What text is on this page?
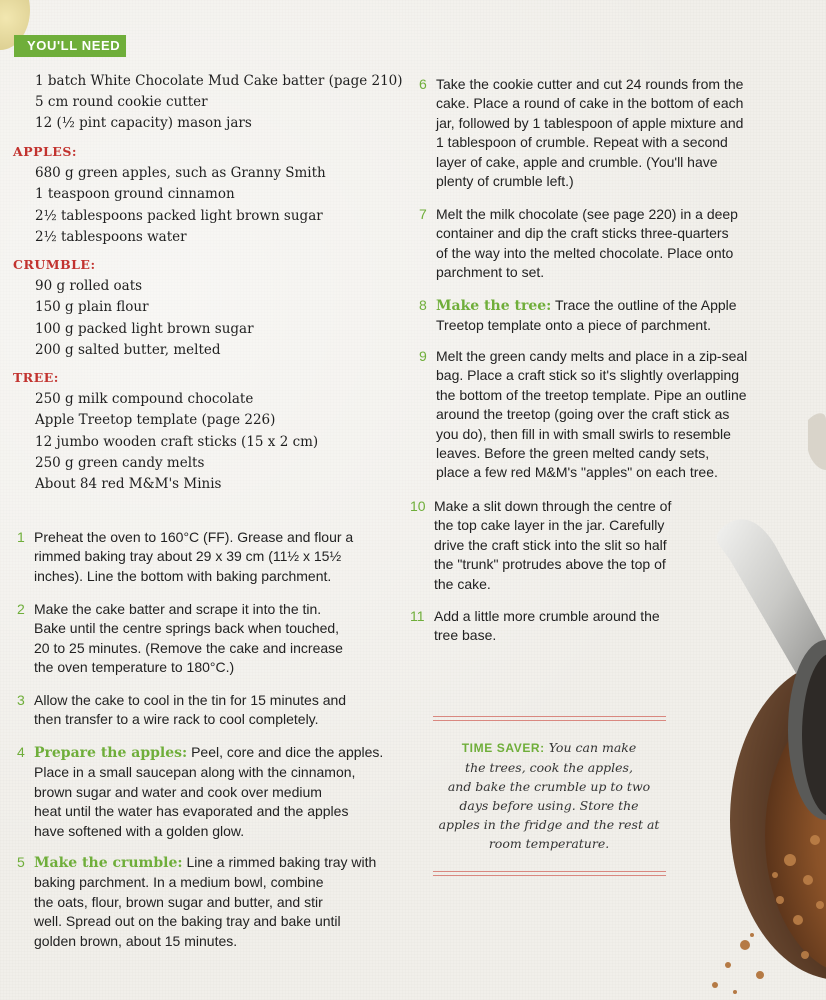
YOU'LL NEED
1 batch White Chocolate Mud Cake batter (page 210)
5 cm round cookie cutter
12 (½ pint capacity) mason jars
APPLES:
680 g green apples, such as Granny Smith
1 teaspoon ground cinnamon
2½ tablespoons packed light brown sugar
2½ tablespoons water
CRUMBLE:
90 g rolled oats
150 g plain flour
100 g packed light brown sugar
200 g salted butter, melted
TREE:
250 g milk compound chocolate
Apple Treetop template (page 226)
12 jumbo wooden craft sticks (15 x 2 cm)
250 g green candy melts
About 84 red M&M's Minis
1 Preheat the oven to 160°C (FF). Grease and flour a
rimmed baking tray about 29 x 39 cm (11½ x 15½
inches). Line the bottom with baking parchment.
2 Make the cake batter and scrape it into the tin.
Bake until the centre springs back when touched,
20 to 25 minutes. (Remove the cake and increase
the oven temperature to 180°C.)
3 Allow the cake to cool in the tin for 15 minutes and
then transfer to a wire rack to cool completely.
4 Prepare the apples: Peel, core and dice the apples.
Place in a small saucepan along with the cinnamon,
brown sugar and water and cook over medium
heat until the water has evaporated and the apples
have softened with a golden glow.
5 Make the crumble: Line a rimmed baking tray with
baking parchment. In a medium bowl, combine
the oats, flour, brown sugar and butter, and stir
well. Spread out on the baking tray and bake until
golden brown, about 15 minutes.
6 Take the cookie cutter and cut 24 rounds from the
cake. Place a round of cake in the bottom of each
jar, followed by 1 tablespoon of apple mixture and
1 tablespoon of crumble. Repeat with a second
layer of cake, apple and crumble. (You'll have
plenty of crumble left.)
7 Melt the milk chocolate (see page 220) in a deep
container and dip the craft sticks three-quarters
of the way into the melted chocolate. Place onto
parchment to set.
8 Make the tree: Trace the outline of the Apple
Treetop template onto a piece of parchment.
9 Melt the green candy melts and place in a zip-seal
bag. Place a craft stick so it's slightly overlapping
the bottom of the treetop template. Pipe an outline
around the treetop (going over the craft stick as
you do), then fill in with small swirls to resemble
leaves. Before the green melted candy sets,
place a few red M&M's "apples" on each tree.
10 Make a slit down through the centre of
the top cake layer in the jar. Carefully
drive the craft stick into the slit so half
the "trunk" protrudes above the top of
the cake.
11 Add a little more crumble around the
tree base.
TIME SAVER: You can make
the trees, cook the apples,
and bake the crumble up to two
days before using. Store the
apples in the fridge and the rest at
room temperature.
